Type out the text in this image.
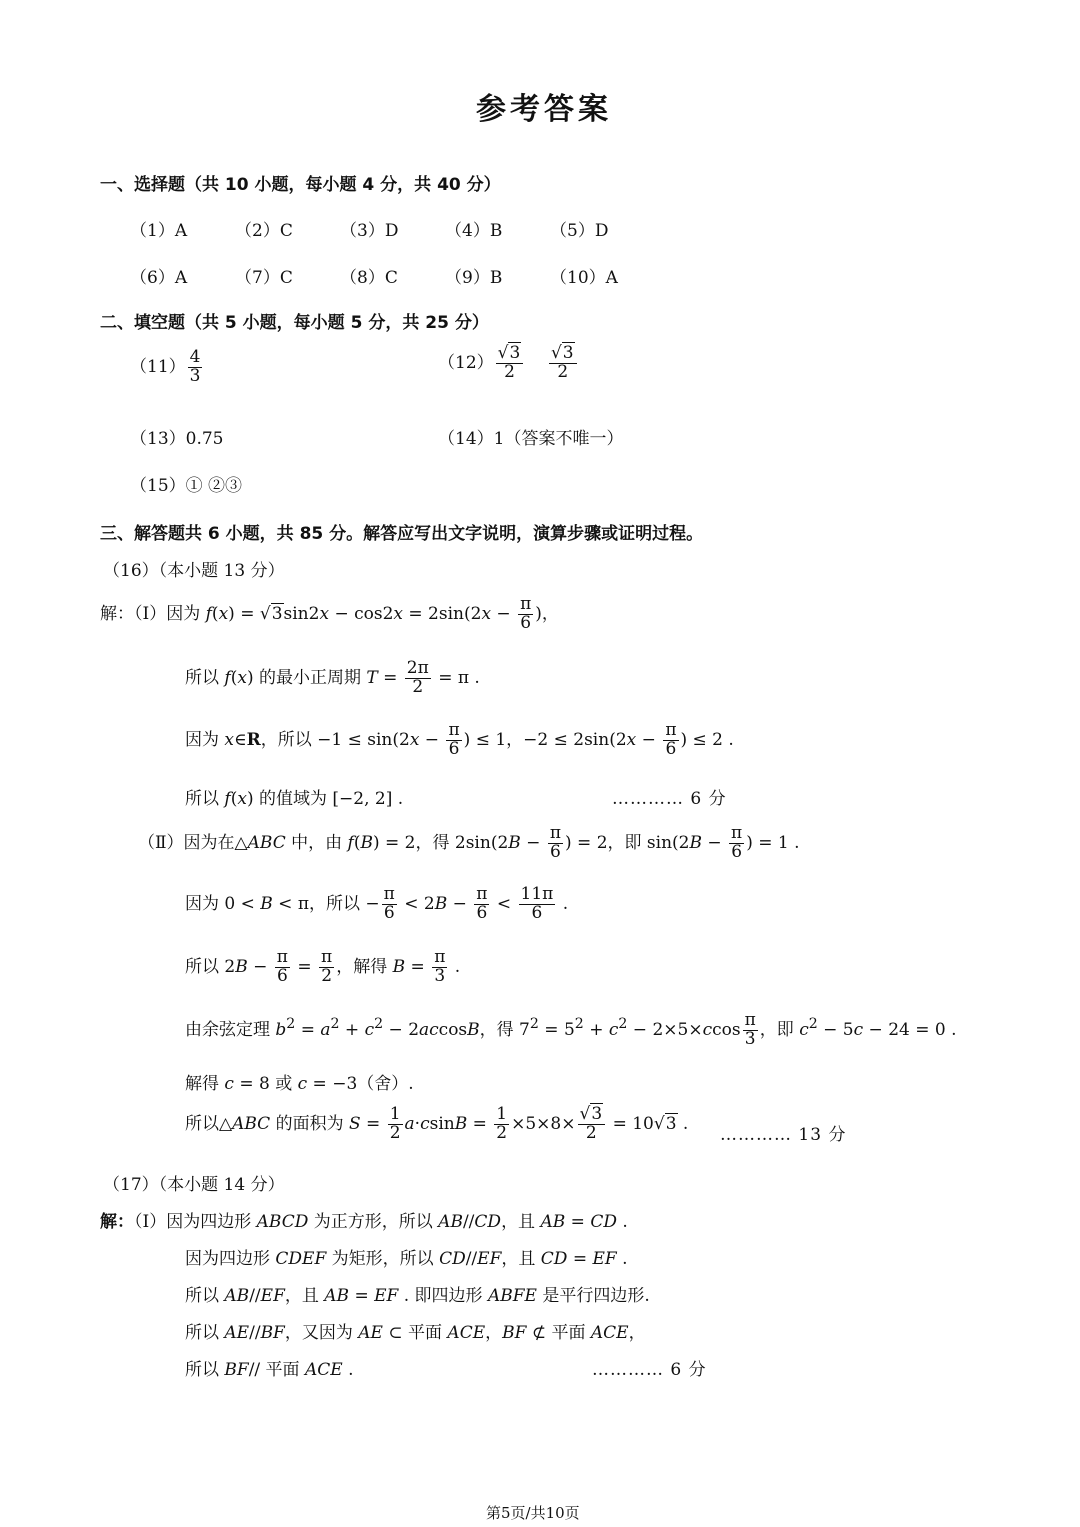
参考答案
一、选择题（共 10 小题，每小题 4 分，共 40 分）
（1）A	（2）C	（3）D	（4）B	（5）D
（6）A	（7）C	（8）C	（9）B	（10）A
二、填空题（共 5 小题，每小题 5 分，共 25 分）
$(11) \frac{4}{3}$	$(12) \frac{√3}{2}$
$\frac{√3}{2}$
（13）0.75	（14）1（答案不唯一）
（15）① ②③
三、解答题共 6 小题，共 85 分。解答应写出文字说明，演算步骤或证明过程。
（16）（本小题 13 分）
解：（Ⅰ）因为 $f(x) = √3\sin 2x - \cos 2x = 2\sin(2x - \frac{\pi}{6}$ )，
所以 f(x) 的最小正周期 $T = \frac{2\pi}{2} = \pi$ .
因为 x∈R，所以 $-1 \le \sin(2x - \frac{\pi}{6}$ ) ≤ 1，$-2 \le 2\sin(2x - \frac{\pi}{6}$ ) ≤ 2 .
所以 f(x) 的值域为 [−2, 2] .	………… 6 分
（Ⅱ）因为在△ABC 中，由 f(B) = 2，得 $2\sin(2B - \frac{\pi}{6}$ ) = 2，即 $\sin(2B - \frac{\pi}{6}$ ) = 1 .
因为 0 < B < π，所以 − $\frac{\pi}{6} < 2B - \frac{\pi}{6} < \frac{11\pi}{6}$ .
所以 $2B - \frac{\pi}{6} = \frac{\pi}{2}$ ，解得 $B = \frac{\pi}{3}$ .
由余弦定理 $b^2 = a^2 + c^2 - 2accosB$，得 $7^2 = 5^2 + c^2 - 2\times 5\times ccos \frac{\pi}{3}$ ，即 $c^2 - 5c - 24 = 0$ .
解得 c = 8 或 c = −3（舍）.
所以△ABC 的面积为 $S = \frac{1}{2} a\cdot csinB = \frac{1}{2} \times 5\times 8\times \frac{√3}{2} = 10√3$ .
………… 13 分
（17）（本小题 14 分）
解：（Ⅰ）因为四边形 ABCD 为正方形，所以 AB//CD，且 AB = CD .
因为四边形 CDEF 为矩形，所以 CD//EF，且 CD = EF .
所以 AB//EF，且 AB = EF . 即四边形 ABFE 是平行四边形.
所以 AE//BF，又因为 AE ⊂ 平面 ACE，BF ⊄ 平面 ACE，
所以 BF// 平面 ACE .	………… 6 分
第5页/共10页
